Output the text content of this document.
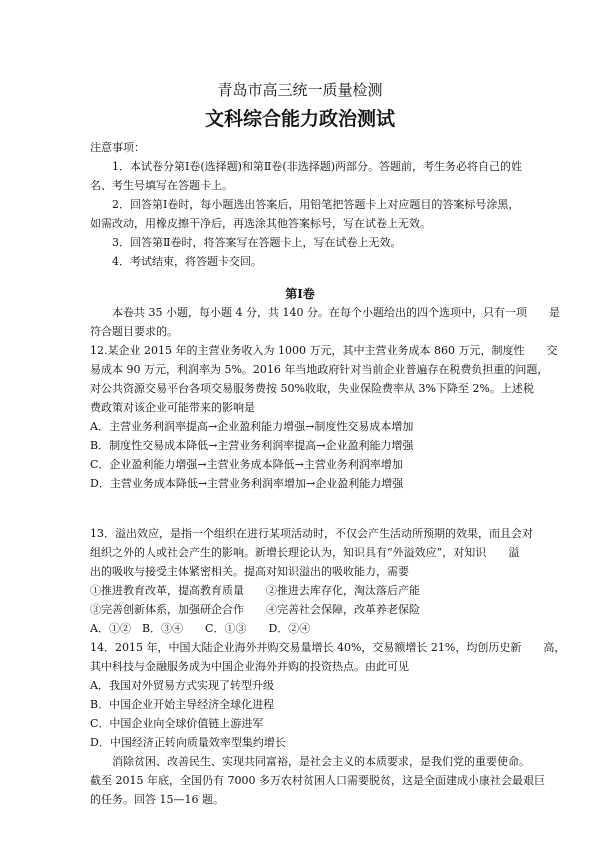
青岛市高三统一质量检测
文科综合能力政治测试
注意事项：
1．本试卷分第Ⅰ卷(选择题)和第Ⅱ卷(非选择题)两部分。答题前，考生务必将自己的姓
名、考生号填写在答题卡上。
2．回答第Ⅰ卷时，每小题选出答案后，用铅笔把答题卡上对应题目的答案标号涂黑，
如需改动，用橡皮擦干净后，再选涂其他答案标号，写在试卷上无效。
3．回答第Ⅱ卷时，将答案写在答题卡上，写在试卷上无效。
4．考试结束，将答题卡交回。
第Ⅰ卷
本卷共 35 小题，每小题 4 分，共 140 分。在每个小题给出的四个选项中，只有一项　　是
符合题目要求的。
12.某企业 2015 年的主营业务收入为 1000 万元，其中主营业务成本 860 万元，制度性　　交
易成本 90 万元，利润率为 5%。2016 年当地政府针对当前企业普遍存在税费负担重的问题，
对公共资源交易平台各项交易服务费按 50%收取，失业保险费率从 3%下降至 2%。上述税
费政策对该企业可能带来的影响是
A．主营业务利润率提高→企业盈利能力增强→制度性交易成本增加
B．制度性交易成本降低→主营业务利润率提高→企业盈利能力增强
C．企业盈利能力增强→主营业务成本降低→主营业务利润率增加
D．主营业务成本降低→主营业务利润率增加→企业盈利能力增强
13．溢出效应，是指一个组织在进行某项活动时，不仅会产生活动所预期的效果，而且会对
组织之外的人或社会产生的影响。新增长理论认为，知识具有“外溢效应”，对知识　　溢
出的吸收与接受主体紧密相关。提高对知识溢出的吸收能力，需要
①推进教育改革，提高教育质量　　②推进去库存化，淘汰落后产能
③完善创新体系，加强研企合作　　④完善社会保障，改革养老保险
A．①②　B．③④　　C．①③　　D．②④
14．2015 年，中国大陆企业海外并购交易量增长 40%，交易额增长 21%，均创历史新　　高，
其中科技与金融服务成为中国企业海外并购的投资热点。由此可见
A．我国对外贸易方式实现了转型升级
B．中国企业开始主导经济全球化进程
C．中国企业向全球价值链上游进军
D．中国经济正转向质量效率型集约增长
消除贫困、改善民生、实现共同富裕，是社会主义的本质要求，是我们党的重要使命。
截至 2015 年底，全国仍有 7000 多万农村贫困人口需要脱贫，这是全面建成小康社会最艰巨
的任务。回答 15—16 题。
